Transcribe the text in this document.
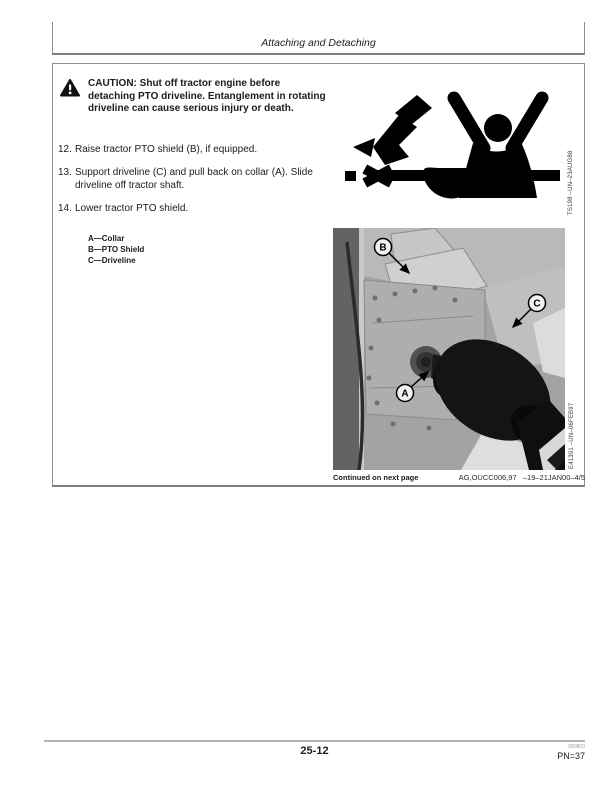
Attaching and Detaching
CAUTION: Shut off tractor engine before detaching PTO driveline. Entanglement in rotating driveline can cause serious injury or death.
12. Raise tractor PTO shield (B), if equipped.
13. Support driveline (C) and pull back on collar (A). Slide driveline off tractor shaft.
14. Lower tractor PTO shield.
A—Collar
B—PTO Shield
C—Driveline
TS198 –UN–23AUG88
B
C
A
E41391 –UN–06FEB97
Continued on next page	AG,OUCC006,97   –19–21JAN00–4/5
25-12	050803
PN=37
